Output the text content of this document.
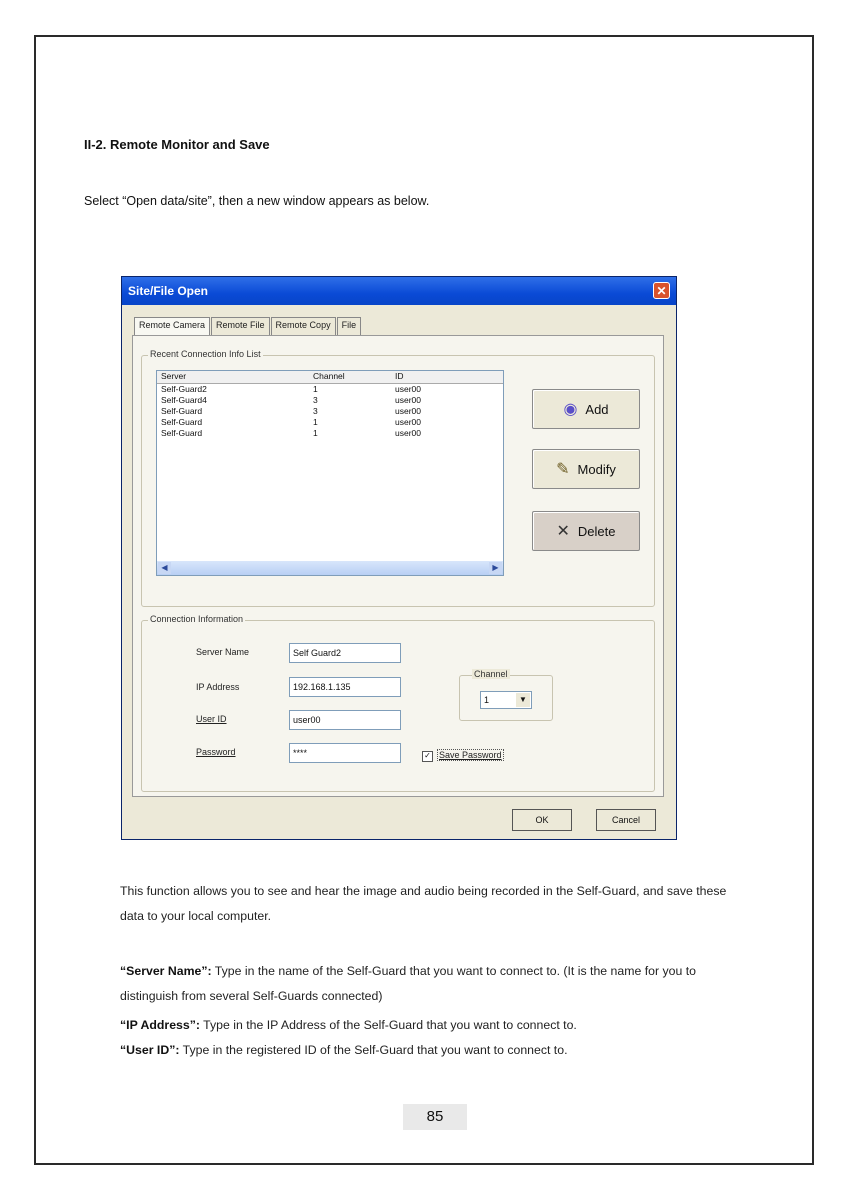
II-2. Remote Monitor and Save
Select “Open data/site”, then a new window appears as below.
Site/File Open	✕
Remote Camera	Remote File	Remote Copy	File
Recent Connection Info List
Connection Information
Server	Channel	ID
Self-Guard2	1	user00
Self-Guard4	3	user00
Self-Guard	3	user00
Self-Guard	1	user00
Self-Guard	1	user00
◀	▶
◉ Add
✎ Modify
✕ Delete
Server Name	Self Guard2
IP Address	192.168.1.135
User ID	user00
Password	****
Channel
1	▼
✓ Save Password
OK	Cancel
This function allows you to see and hear the image and audio being recorded in the Self-Guard, and save these data to your local computer.
“Server Name”: Type in the name of the Self-Guard that you want to connect to. (It is the name for you to distinguish from several Self-Guards connected)
“IP Address”: Type in the IP Address of the Self-Guard that you want to connect to.
“User ID”: Type in the registered ID of the Self-Guard that you want to connect to.
85
